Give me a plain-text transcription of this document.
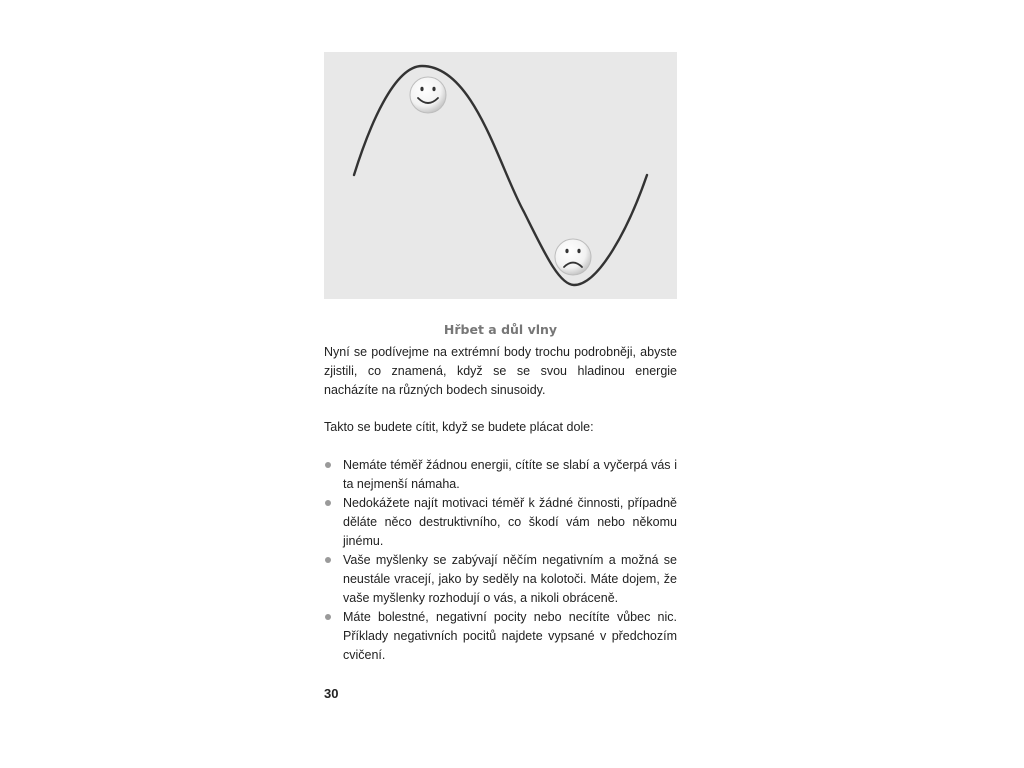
Hřbet a důl vlny

Nyní se podívejme na extrémní body trochu podrobněji, abyste zjistili, co znamená, když se se svou hladinou energie nacházíte na různých bodech sinusoidy.

Takto se budete cítit, když se budete plácat dole:

Nemáte téměř žádnou energii, cítíte se slabí a vyčerpá vás i ta nejmenší námaha.
Nedokážete najít motivaci téměř k žádné činnosti, případně děláte něco destruktivního, co škodí vám nebo někomu jinému.
Vaše myšlenky se zabývají něčím negativním a možná se neustále vracejí, jako by seděly na kolotoči. Máte dojem, že vaše myšlenky rozhodují o vás, a nikoli obráceně.
Máte bolestné, negativní pocity nebo necítíte vůbec nic. Příklady negativních pocitů najdete vypsané v předchozím cvičení.
30
